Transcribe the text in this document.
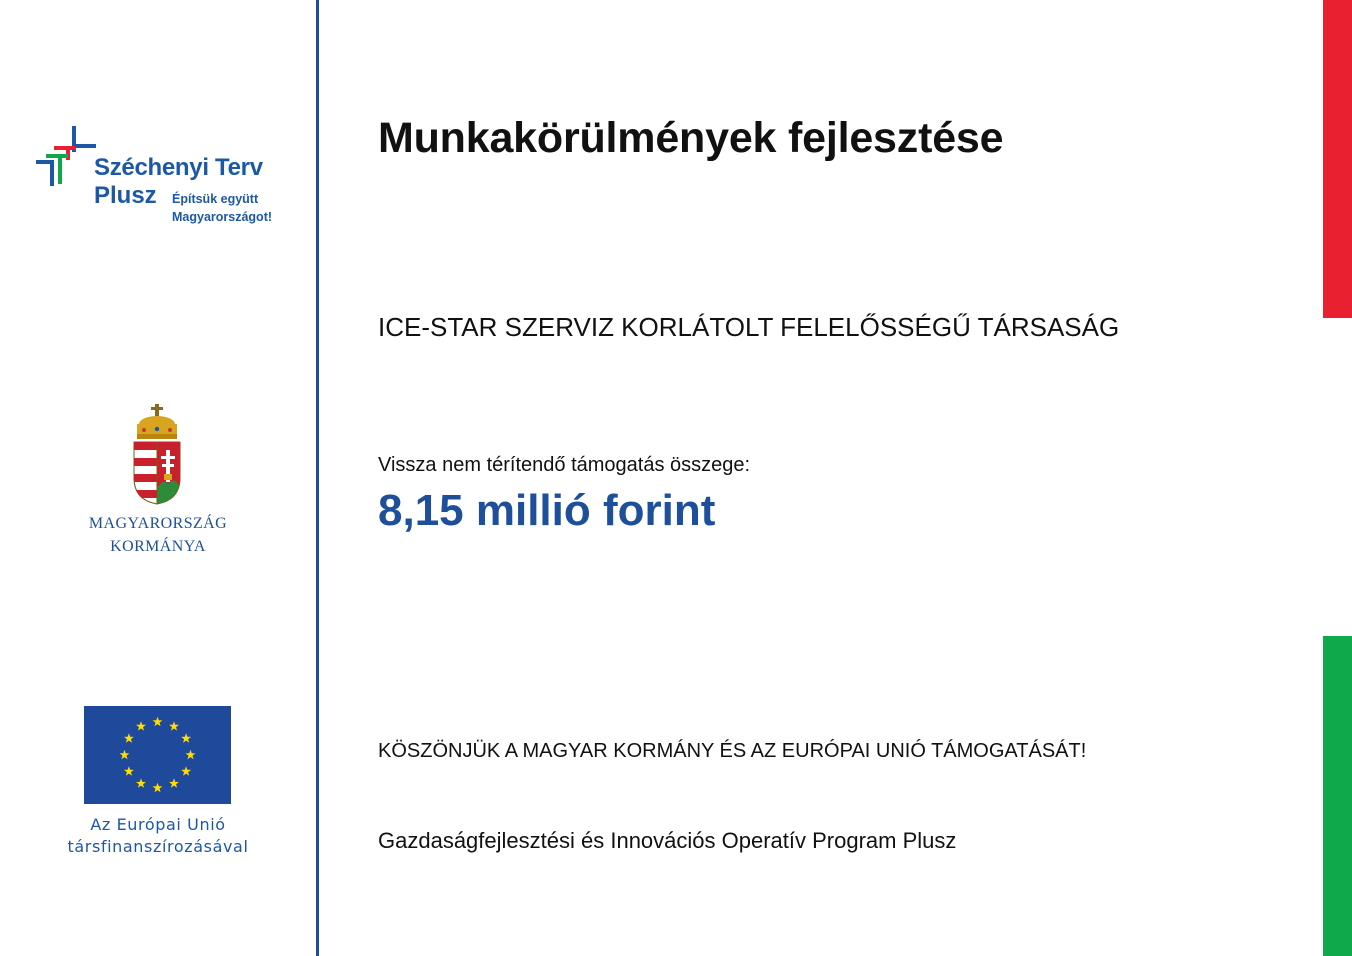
Széchenyi Terv
Plusz Építsük együtt
Magyarországot!
MAGYARORSZÁG
KORMÁNYA
Az Európai Unió
társfinanszírozásával
Munkakörülmények fejlesztése
ICE-STAR SZERVIZ KORLÁTOLT FELELŐSSÉGŰ TÁRSASÁG
Vissza nem térítendő támogatás összege:
8,15 millió forint
KÖSZÖNJÜK A MAGYAR KORMÁNY ÉS AZ EURÓPAI UNIÓ TÁMOGATÁSÁT!
Gazdaságfejlesztési és Innovációs Operatív Program Plusz
